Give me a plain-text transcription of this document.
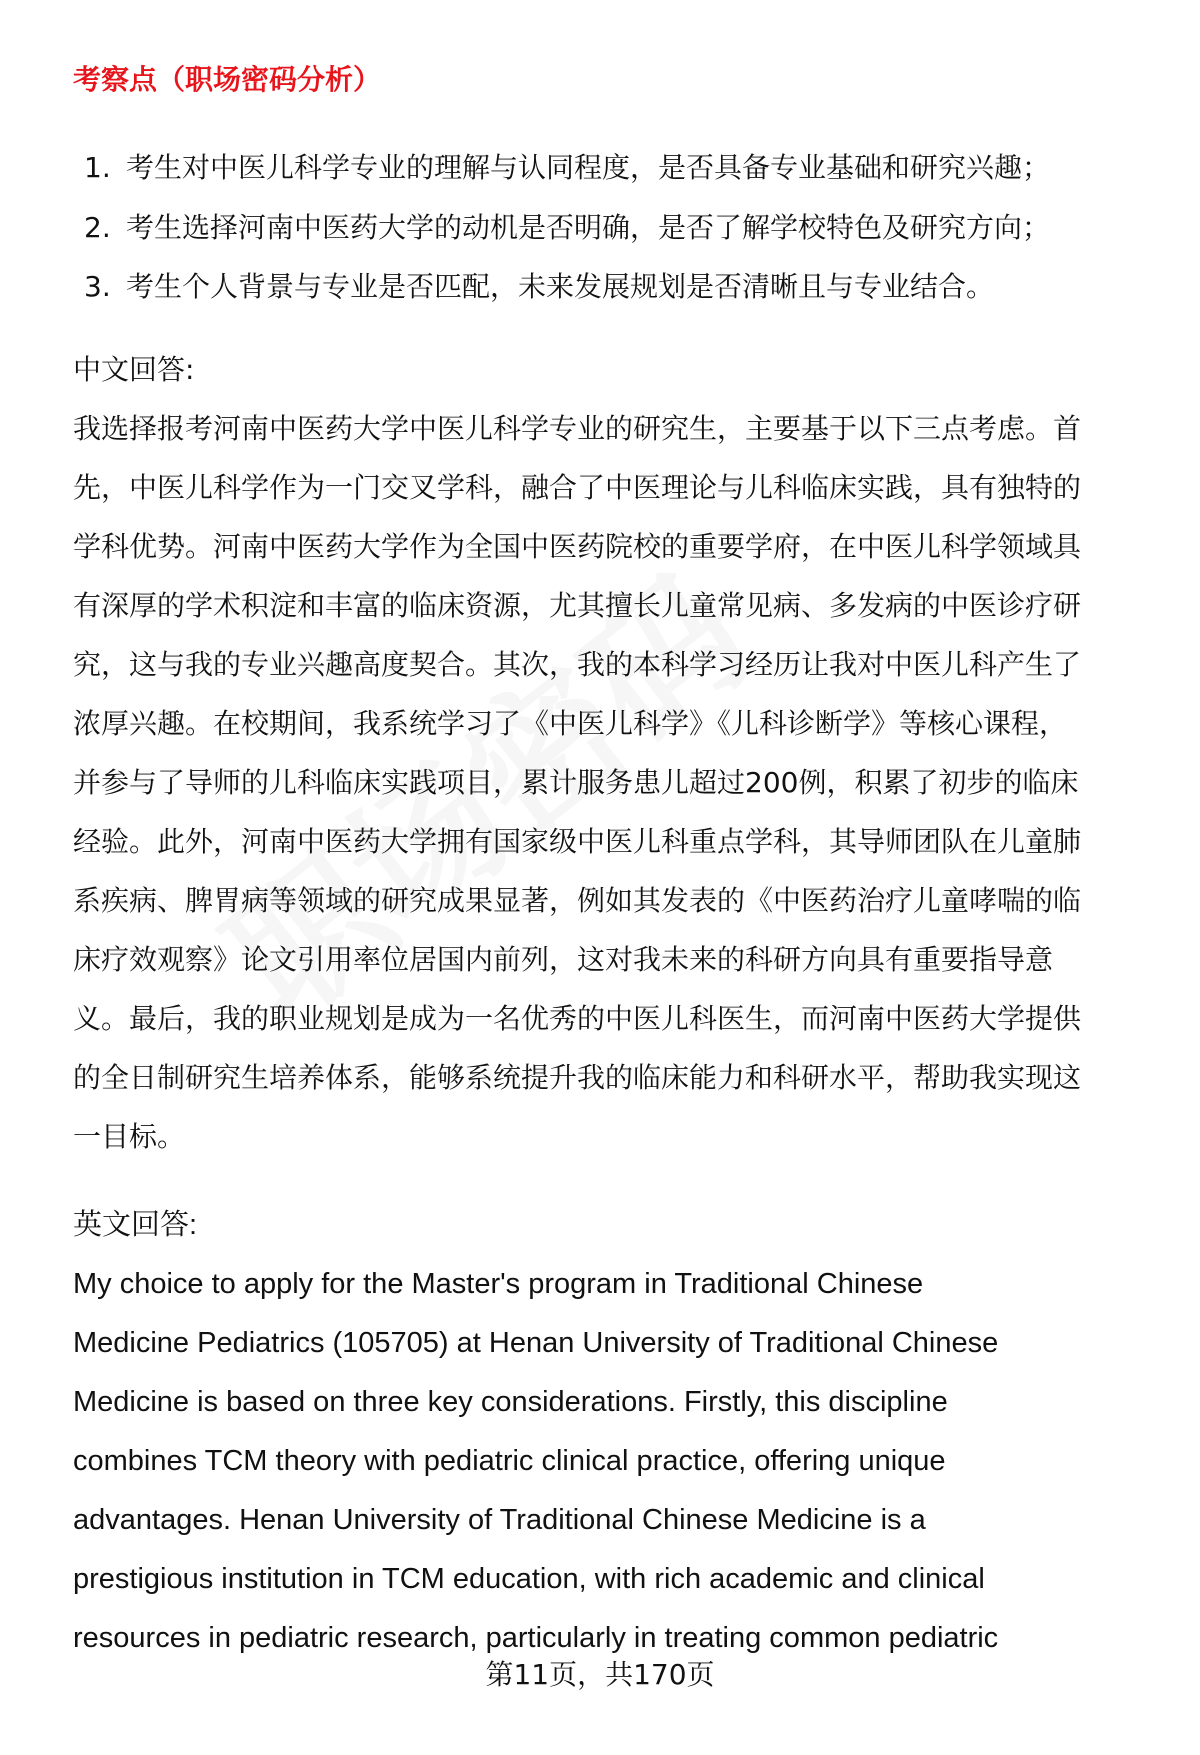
考察点（职场密码分析）
1. 考生对中医儿科学专业的理解与认同程度，是否具备专业基础和研究兴趣；
2. 考生选择河南中医药大学的动机是否明确，是否了解学校特色及研究方向；
3. 考生个人背景与专业是否匹配，未来发展规划是否清晰且与专业结合。
中文回答:
我选择报考河南中医药大学中医儿科学专业的研究生，主要基于以下三点考虑。首
先，中医儿科学作为一门交叉学科，融合了中医理论与儿科临床实践，具有独特的
学科优势。河南中医药大学作为全国中医药院校的重要学府，在中医儿科学领域具
有深厚的学术积淀和丰富的临床资源，尤其擅长儿童常见病、多发病的中医诊疗研
究，这与我的专业兴趣高度契合。其次，我的本科学习经历让我对中医儿科产生了
浓厚兴趣。在校期间，我系统学习了《中医儿科学》《儿科诊断学》等核心课程，
并参与了导师的儿科临床实践项目，累计服务患儿超过200例，积累了初步的临床
经验。此外，河南中医药大学拥有国家级中医儿科重点学科，其导师团队在儿童肺
系疾病、脾胃病等领域的研究成果显著，例如其发表的《中医药治疗儿童哮喘的临
床疗效观察》论文引用率位居国内前列，这对我未来的科研方向具有重要指导意
义。最后，我的职业规划是成为一名优秀的中医儿科医生，而河南中医药大学提供
的全日制研究生培养体系，能够系统提升我的临床能力和科研水平，帮助我实现这
一目标。
英文回答:
My choice to apply for the Master's program in Traditional Chinese
Medicine Pediatrics (105705) at Henan University of Traditional Chinese
Medicine is based on three key considerations. Firstly, this discipline
combines TCM theory with pediatric clinical practice, offering unique
advantages. Henan University of Traditional Chinese Medicine is a
prestigious institution in TCM education, with rich academic and clinical
resources in pediatric research, particularly in treating common pediatric
第11页，共170页
